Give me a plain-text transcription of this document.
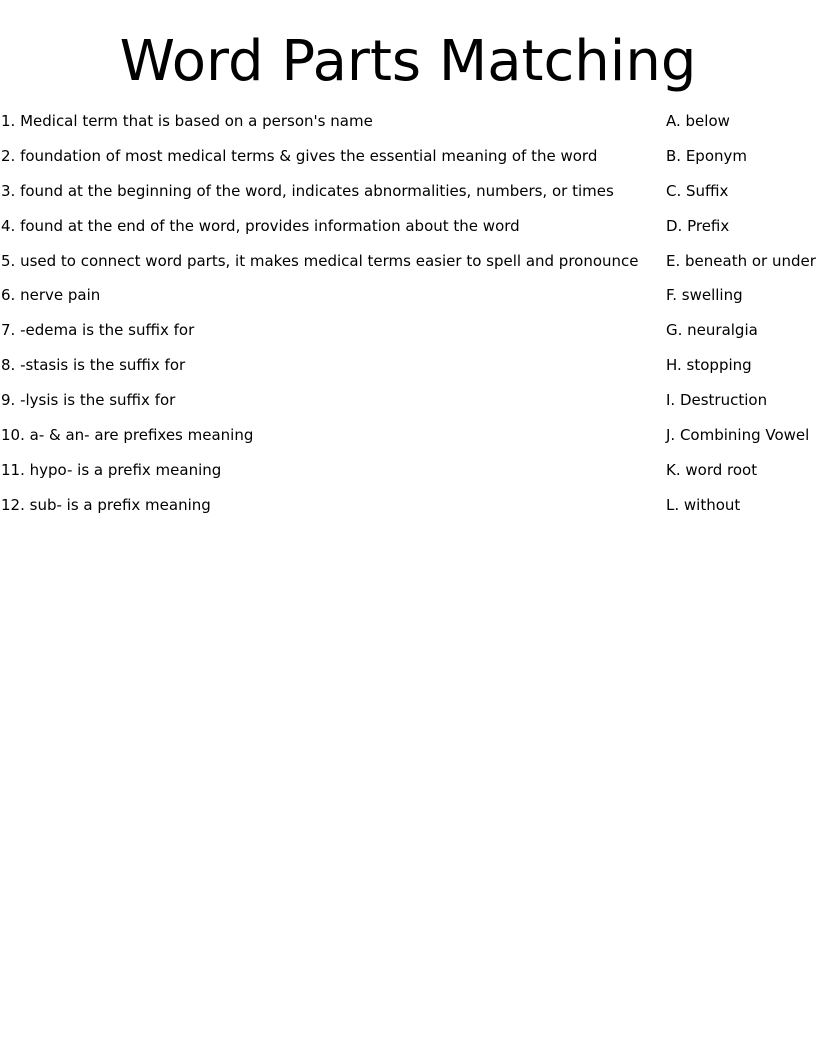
Word Parts Matching
1. Medical term that is based on a person's name	A. below
2. foundation of most medical terms & gives the essential meaning of the word	B. Eponym
3. found at the beginning of the word, indicates abnormalities, numbers, or times	C. Suffix
4. found at the end of the word, provides information about the word	D. Prefix
5. used to connect word parts, it makes medical terms easier to spell and pronounce E. beneath or under
6. nerve pain	F. swelling
7. -edema is the suffix for	G. neuralgia
8. -stasis is the suffix for	H. stopping
9. -lysis is the suffix for	I. Destruction
10. a- & an- are prefixes meaning	J. Combining Vowel
11. hypo- is a prefix meaning	K. word root
12. sub- is a prefix meaning	L. without
